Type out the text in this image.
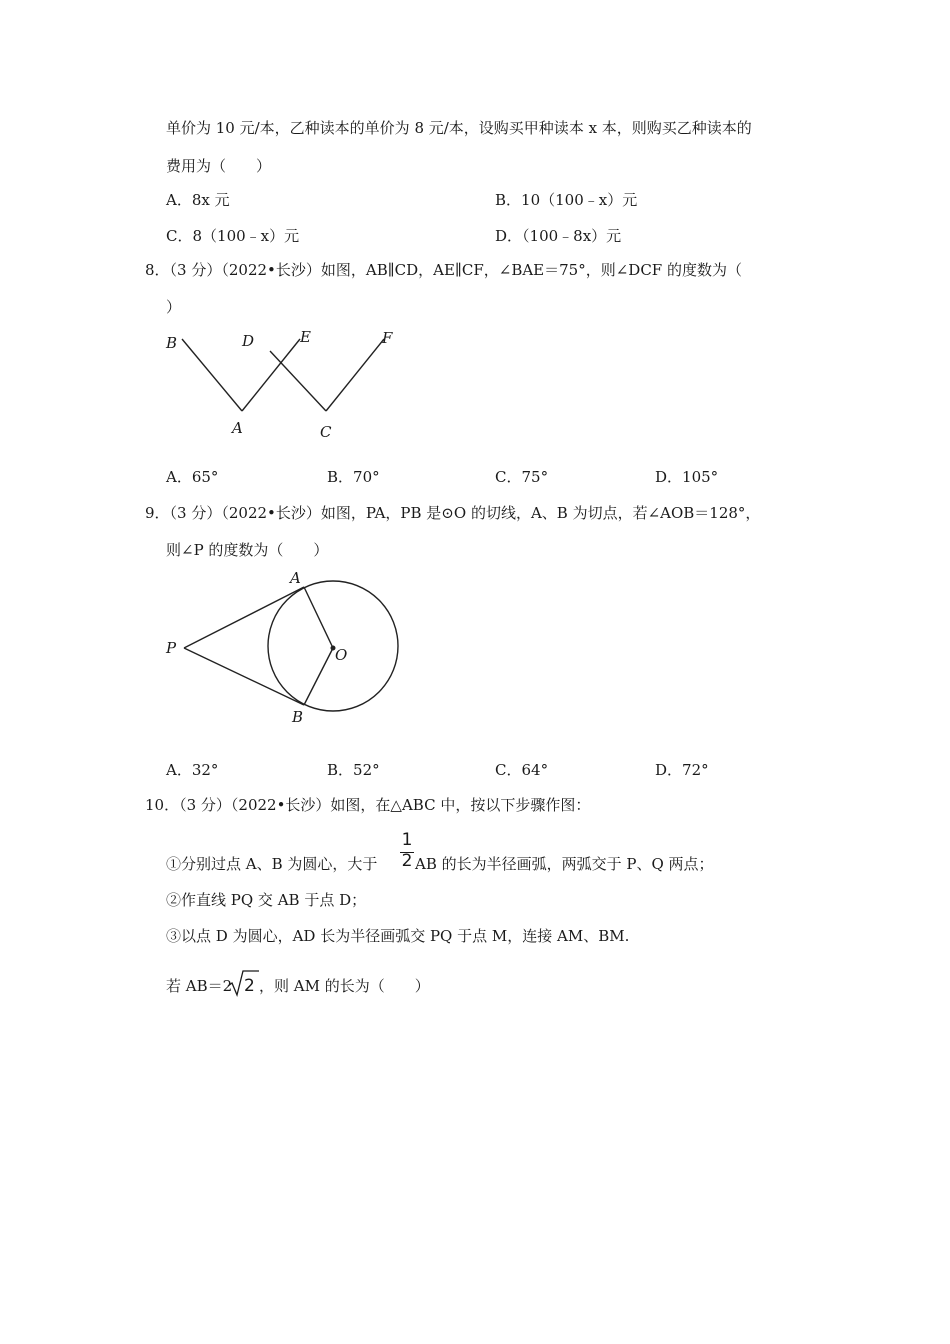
单价为 10 元/本，乙种读本的单价为 8 元/本，设购买甲种读本 x 本，则购买乙种读本的
费用为（　　）
A．8x 元	B．10（100﹣x）元
C．8（100﹣x）元	D．（100﹣8x）元
8．（3 分）（2022•长沙）如图，AB∥CD，AE∥CF，∠BAE＝75°，则∠DCF 的度数为（
）
B	D	E	F
A	C
A．65°	B．70°	C．75°	D．105°
9．（3 分）（2022•长沙）如图，PA，PB 是⊙O 的切线，A、B 为切点，若∠AOB＝128°，
则∠P 的度数为（　　）
A
P	O
B
A．32°	B．52°	C．64°	D．72°
10．（3 分）（2022•长沙）如图，在△ABC 中，按以下步骤作图：
①分别过点 A、B 为圆心，大于
1
2 AB 的长为半径画弧，两弧交于 P、Q 两点；
②作直线 PQ 交 AB 于点 D；
③以点 D 为圆心，AD 长为半径画弧交 PQ 于点 M，连接 AM、BM.
若 AB＝2 2 ，则 AM 的长为（　　）
